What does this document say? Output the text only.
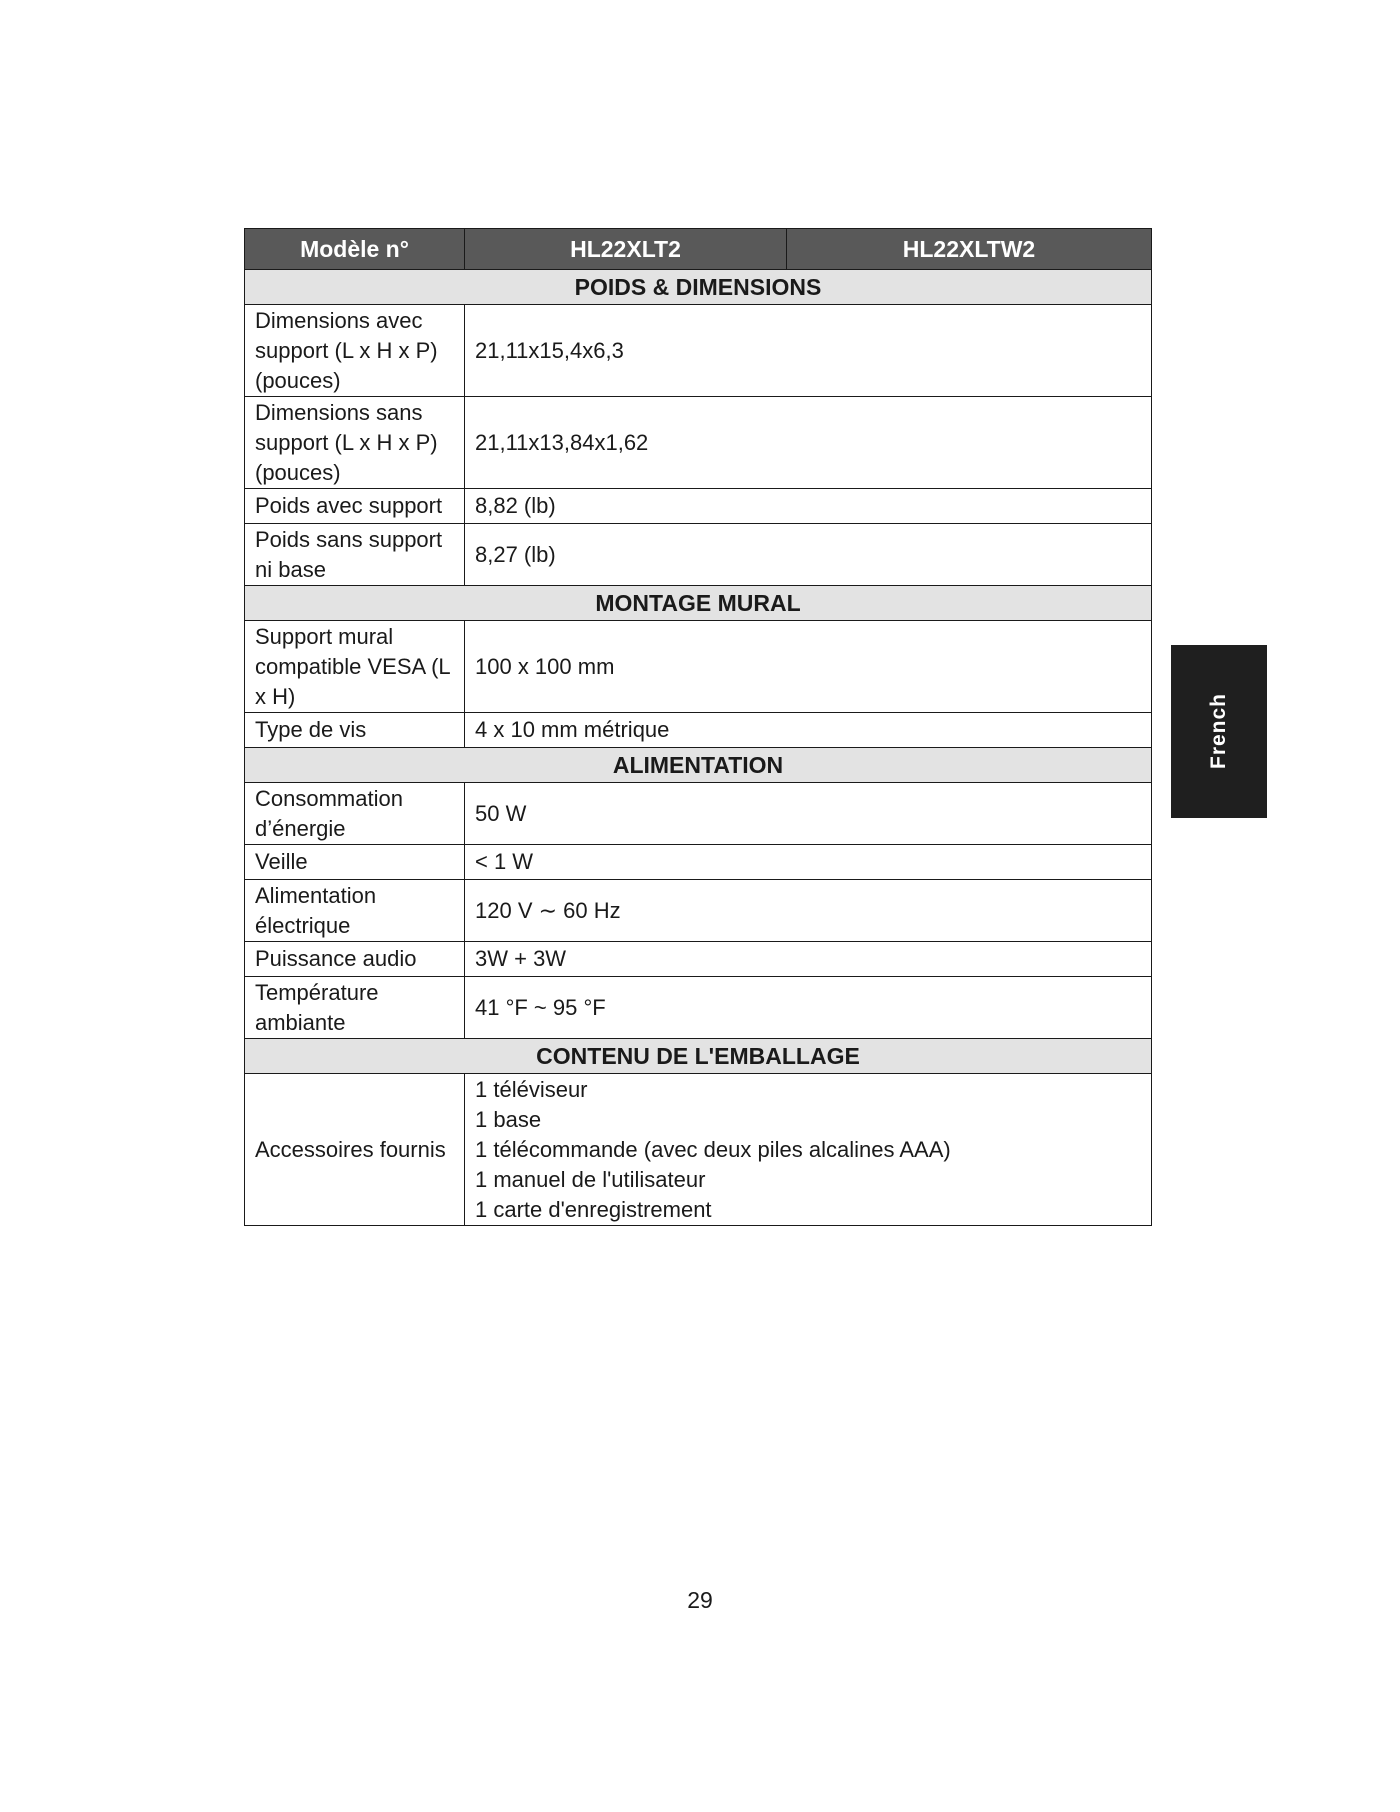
Modèle n°	HL22XLT2	HL22XLTW2
POIDS & DIMENSIONS		
Dimensions avec support (L x H x P) (pouces)	21,11x15,4x6,3	
Dimensions sans support (L x H x P) (pouces)	21,11x13,84x1,62	
Poids avec support	8,82 (lb)	
Poids sans support ni base	8,27 (lb)	
MONTAGE MURAL		
Support mural compatible VESA (L x H)	100 x 100 mm	
Type de vis	4 x 10 mm métrique	
ALIMENTATION		
Consommation d’énergie	50 W	
Veille	< 1 W	
Alimentation électrique	120 V ∼ 60 Hz	
Puissance audio	3W + 3W	
Température ambiante	41 °F ~ 95 °F	
CONTENU DE L'EMBALLAGE		
Accessoires fournis	1 téléviseur
1 base
1 télécommande (avec deux piles alcalines AAA)
1 manuel de l'utilisateur
1 carte d'enregistrement	
French
29
